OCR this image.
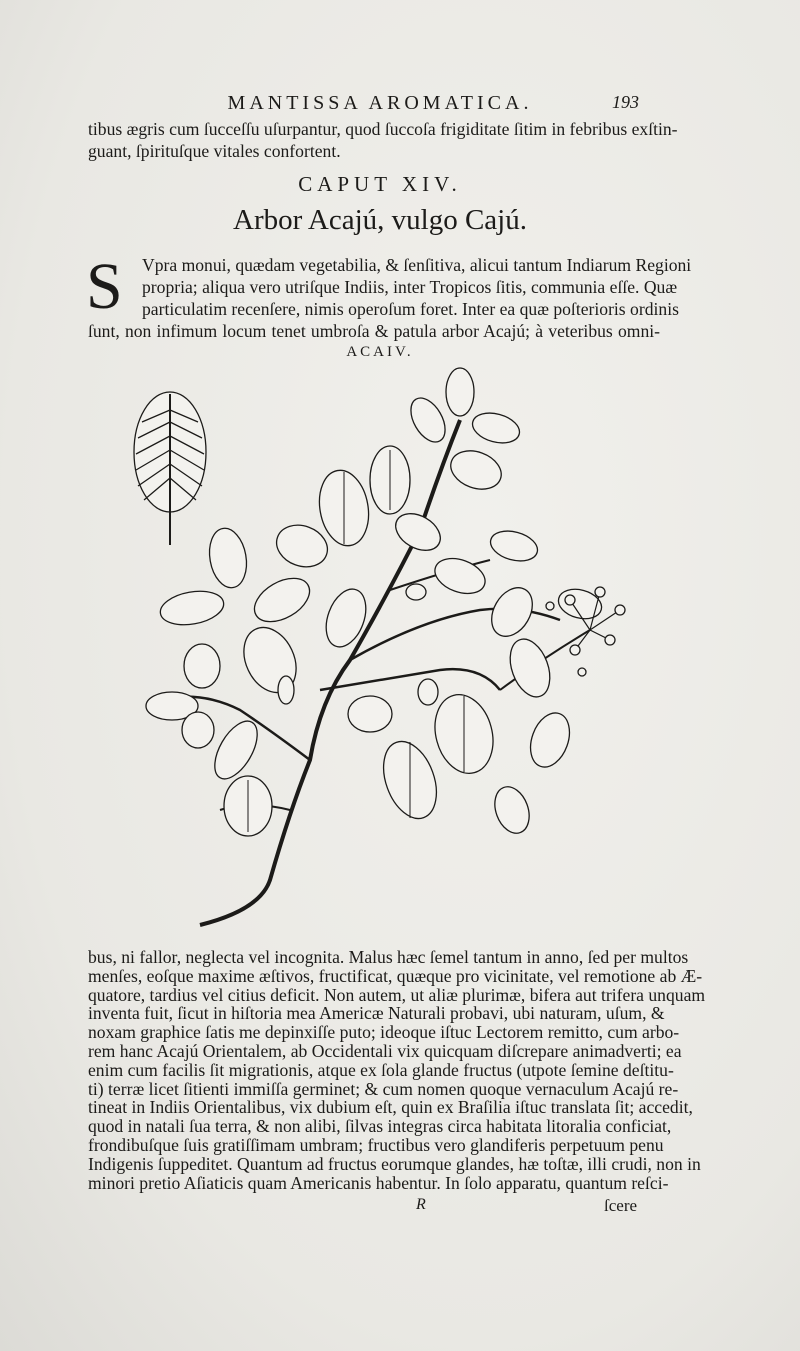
MANTISSA AROMATICA.	193
tibus ægris cum ſucceſſu uſurpantur, quod ſuccoſa frigiditate ſitim in febribus exſtin-
guant, ſpirituſque vitales confortent.
CAPUT XIV.
Arbor Acajú, vulgo Cajú.
S Vpra monui, quædam vegetabilia, & ſenſitiva, alicui tantum Indiarum Regioni
propria; aliqua vero utriſque Indiis, inter Tropicos ſitis, communia eſſe. Quæ
particulatim recenſere, nimis operoſum foret. Inter ea quæ poſterioris ordinis
ſunt, non infimum locum tenet umbroſa & patula arbor Acajú; à veteribus omni-
ACAIV.
bus, ni fallor, neglecta vel incognita. Malus hæc ſemel tantum in anno, ſed per multos
menſes, eoſque maxime æſtivos, fructificat, quæque pro vicinitate, vel remotione ab Æ-
quatore, tardius vel citius deficit. Non autem, ut aliæ plurimæ, bifera aut trifera unquam
inventa fuit, ſicut in hiſtoria mea Americæ Naturali probavi, ubi naturam, uſum, &
noxam graphice ſatis me depinxiſſe puto; ideoque iſtuc Lectorem remitto, cum arbo-
rem hanc Acajú Orientalem, ab Occidentali vix quicquam diſcrepare animadverti; ea
enim cum facilis ſit migrationis, atque ex ſola glande fructus (utpote ſemine deſtitu-
ti) terræ licet ſitienti immiſſa germinet; & cum nomen quoque vernaculum Acajú re-
tineat in Indiis Orientalibus, vix dubium eſt, quin ex Braſilia iſtuc translata ſit; accedit,
quod in natali ſua terra, & non alibi, ſilvas integras circa habitata litoralia conficiat,
frondibuſque ſuis gratiſſimam umbram; fructibus vero glandiferis perpetuum penu
R	ſcere
Indigenis ſuppeditet. Quantum ad fructus eorumque glandes, hæ toſtæ, illi crudi, non in
minori pretio Aſiaticis quam Americanis habentur. In ſolo apparatu, quantum reſci-
